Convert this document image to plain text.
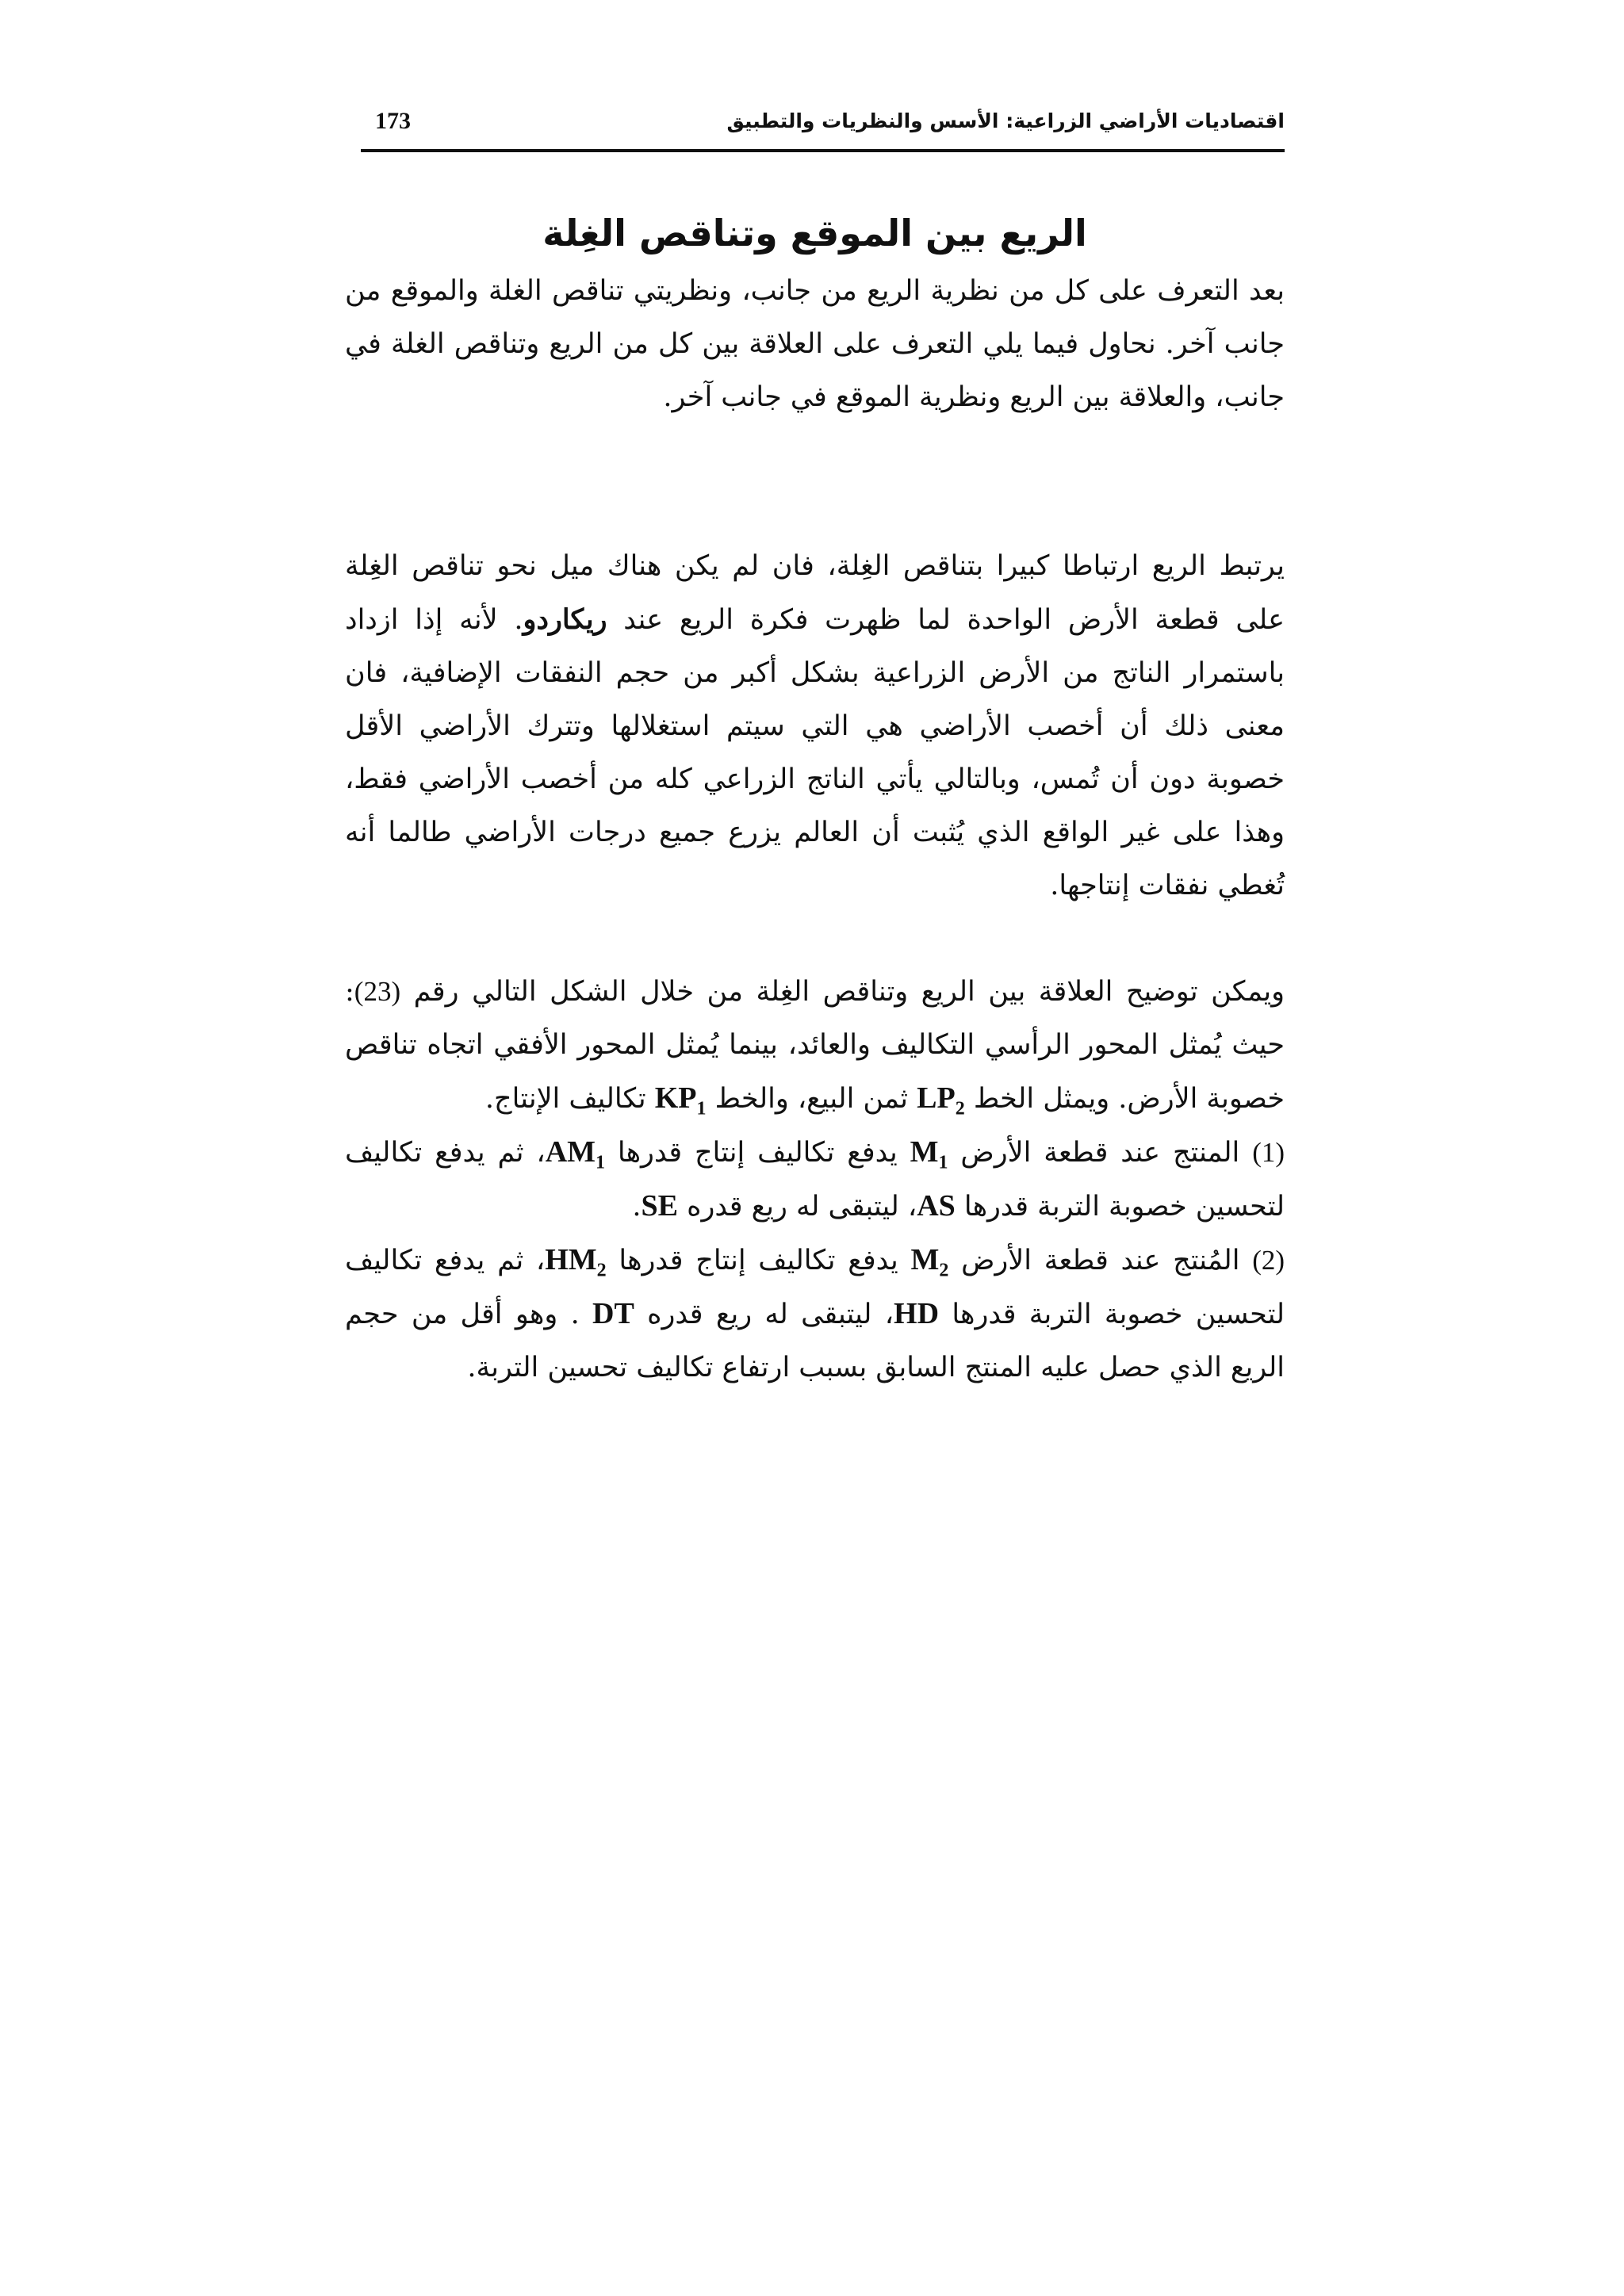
اقتصاديات الأراضي الزراعية: الأسس والنظريات والتطبيق
173
الريع بين الموقع وتناقص الغِلة

بعد التعرف على كل من نظرية الريع من جانب، ونظريتي تناقص الغلة والموقع من جانب آخر. نحاول فيما يلي التعرف على العلاقة بين كل من الريع وتناقص الغلة في جانب، والعلاقة بين الريع ونظرية الموقع في جانب آخر.

يرتبط الريع ارتباطا كبيرا بتناقص الغِلة، فان لم يكن هناك ميل نحو تناقص الغِلة على قطعة الأرض الواحدة لما ظهرت فكرة الريع عند ريكاردو. لأنه إذا ازداد باستمرار الناتج من الأرض الزراعية بشكل أكبر من حجم النفقات الإضافية، فان معنى ذلك أن أخصب الأراضي هي التي سيتم استغلالها وتترك الأراضي الأقل خصوبة دون أن تُمس، وبالتالي يأتي الناتج الزراعي كله من أخصب الأراضي فقط، وهذا على غير الواقع الذي يُثبت أن العالم يزرع جميع درجات الأراضي طالما أنه تُغطي نفقات إنتاجها.

ويمكن توضيح العلاقة بين الريع وتناقص الغِلة من خلال الشكل التالي رقم (23): حيث يُمثل المحور الرأسي التكاليف والعائد، بينما يُمثل المحور الأفقي اتجاه تناقص خصوبة الأرض. ويمثل الخط $LP_2$ ثمن البيع، والخط $KP_1$ تكاليف الإنتاج.

(1) المنتج عند قطعة الأرض $M_1$ يدفع تكاليف إنتاج قدرها $AM_1،$ ثم يدفع تكاليف لتحسين خصوبة التربة قدرها AS، ليتبقى له ريع قدره SE.

(2) المُنتج عند قطعة الأرض $M_2$ يدفع تكاليف إنتاج قدرها $HM_2،$ ثم يدفع تكاليف لتحسين خصوبة التربة قدرها HD، ليتبقى له ريع قدره DT . وهو أقل من حجم الريع الذي حصل عليه المنتج السابق بسبب ارتفاع تكاليف تحسين التربة.
